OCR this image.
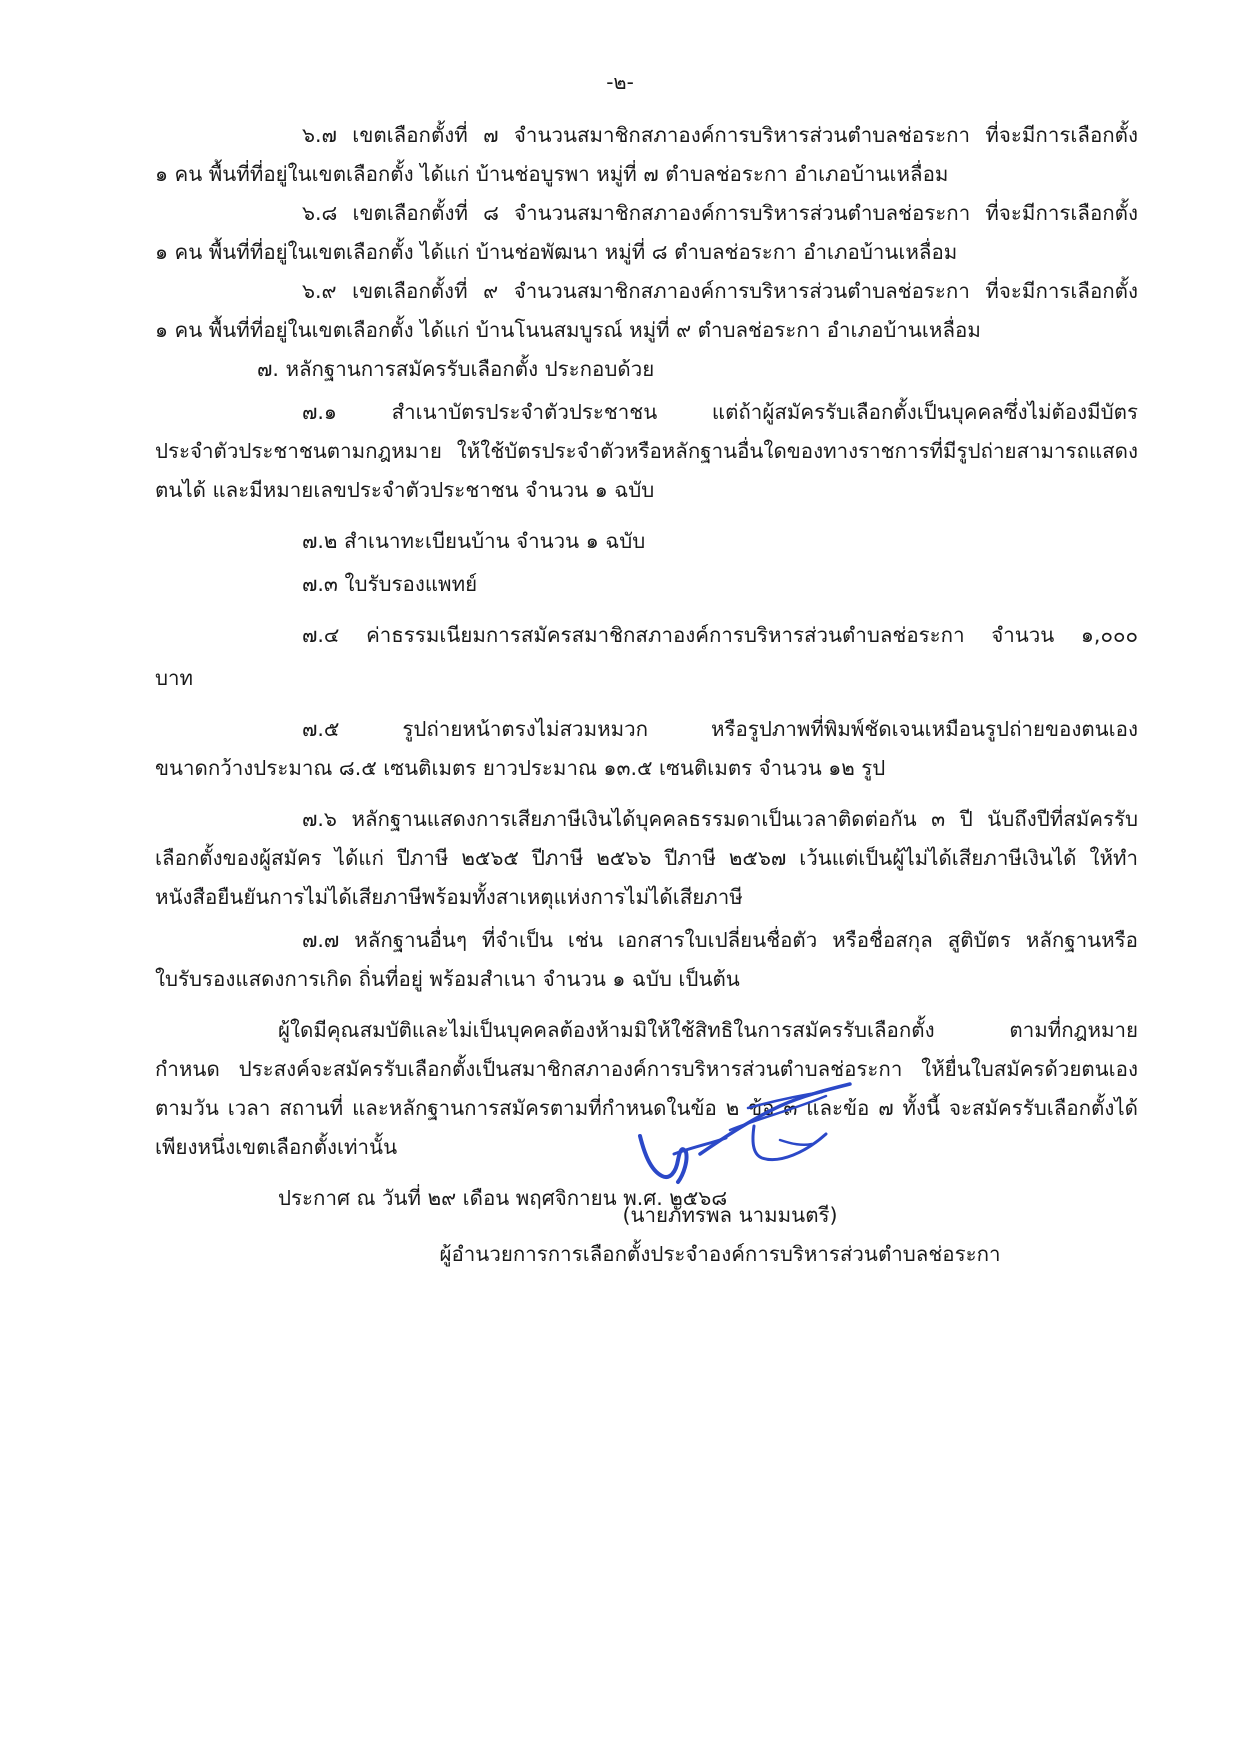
-๒-
๖.๗ เขตเลือกตั้งที่ ๗ จำนวนสมาชิกสภาองค์การบริหารส่วนตำบลช่อระกา ที่จะมีการเลือกตั้ง
๑ คน พื้นที่ที่อยู่ในเขตเลือกตั้ง ได้แก่ บ้านช่อบูรพา หมู่ที่ ๗ ตำบลช่อระกา อำเภอบ้านเหลื่อม
๖.๘ เขตเลือกตั้งที่ ๘ จำนวนสมาชิกสภาองค์การบริหารส่วนตำบลช่อระกา ที่จะมีการเลือกตั้ง
๑ คน พื้นที่ที่อยู่ในเขตเลือกตั้ง ได้แก่ บ้านช่อพัฒนา หมู่ที่ ๘ ตำบลช่อระกา อำเภอบ้านเหลื่อม
๖.๙ เขตเลือกตั้งที่ ๙ จำนวนสมาชิกสภาองค์การบริหารส่วนตำบลช่อระกา ที่จะมีการเลือกตั้ง
๑ คน พื้นที่ที่อยู่ในเขตเลือกตั้ง ได้แก่ บ้านโนนสมบูรณ์ หมู่ที่ ๙ ตำบลช่อระกา อำเภอบ้านเหลื่อม
๗. หลักฐานการสมัครรับเลือกตั้ง ประกอบด้วย
๗.๑ สำเนาบัตรประจำตัวประชาชน แต่ถ้าผู้สมัครรับเลือกตั้งเป็นบุคคลซึ่งไม่ต้องมีบัตร
ประจำตัวประชาชนตามกฎหมาย ให้ใช้บัตรประจำตัวหรือหลักฐานอื่นใดของทางราชการที่มีรูปถ่ายสามารถแสดง
ตนได้ และมีหมายเลขประจำตัวประชาชน จำนวน ๑ ฉบับ
๗.๒ สำเนาทะเบียนบ้าน จำนวน ๑ ฉบับ
๗.๓ ใบรับรองแพทย์
๗.๔ ค่าธรรมเนียมการสมัครสมาชิกสภาองค์การบริหารส่วนตำบลช่อระกา จำนวน ๑,๐๐๐
บาท
๗.๕ รูปถ่ายหน้าตรงไม่สวมหมวก หรือรูปภาพที่พิมพ์ชัดเจนเหมือนรูปถ่ายของตนเอง
ขนาดกว้างประมาณ ๘.๕ เซนติเมตร ยาวประมาณ ๑๓.๕ เซนติเมตร จำนวน ๑๒ รูป
๗.๖ หลักฐานแสดงการเสียภาษีเงินได้บุคคลธรรมดาเป็นเวลาติดต่อกัน ๓ ปี นับถึงปีที่สมัครรับ
เลือกตั้งของผู้สมัคร ได้แก่ ปีภาษี ๒๕๖๕ ปีภาษี ๒๕๖๖ ปีภาษี ๒๕๖๗ เว้นแต่เป็นผู้ไม่ได้เสียภาษีเงินได้ ให้ทำ
หนังสือยืนยันการไม่ได้เสียภาษีพร้อมทั้งสาเหตุแห่งการไม่ได้เสียภาษี
๗.๗ หลักฐานอื่นๆ ที่จำเป็น เช่น เอกสารใบเปลี่ยนชื่อตัว หรือชื่อสกุล สูติบัตร หลักฐานหรือ
ใบรับรองแสดงการเกิด ถิ่นที่อยู่ พร้อมสำเนา จำนวน ๑ ฉบับ เป็นต้น
ผู้ใดมีคุณสมบัติและไม่เป็นบุคคลต้องห้ามมิให้ใช้สิทธิในการสมัครรับเลือกตั้ง ตามที่กฎหมาย
กำหนด ประสงค์จะสมัครรับเลือกตั้งเป็นสมาชิกสภาองค์การบริหารส่วนตำบลช่อระกา ให้ยื่นใบสมัครด้วยตนเอง
ตามวัน เวลา สถานที่ และหลักฐานการสมัครตามที่กำหนดในข้อ ๒ ข้อ ๓ และข้อ ๗ ทั้งนี้ จะสมัครรับเลือกตั้งได้
เพียงหนึ่งเขตเลือกตั้งเท่านั้น
ประกาศ ณ วันที่ ๒๙ เดือน พฤศจิกายน พ.ศ. ๒๕๖๘
(นายภัทรพล นามมนตรี)
ผู้อำนวยการการเลือกตั้งประจำองค์การบริหารส่วนตำบลช่อระกา
